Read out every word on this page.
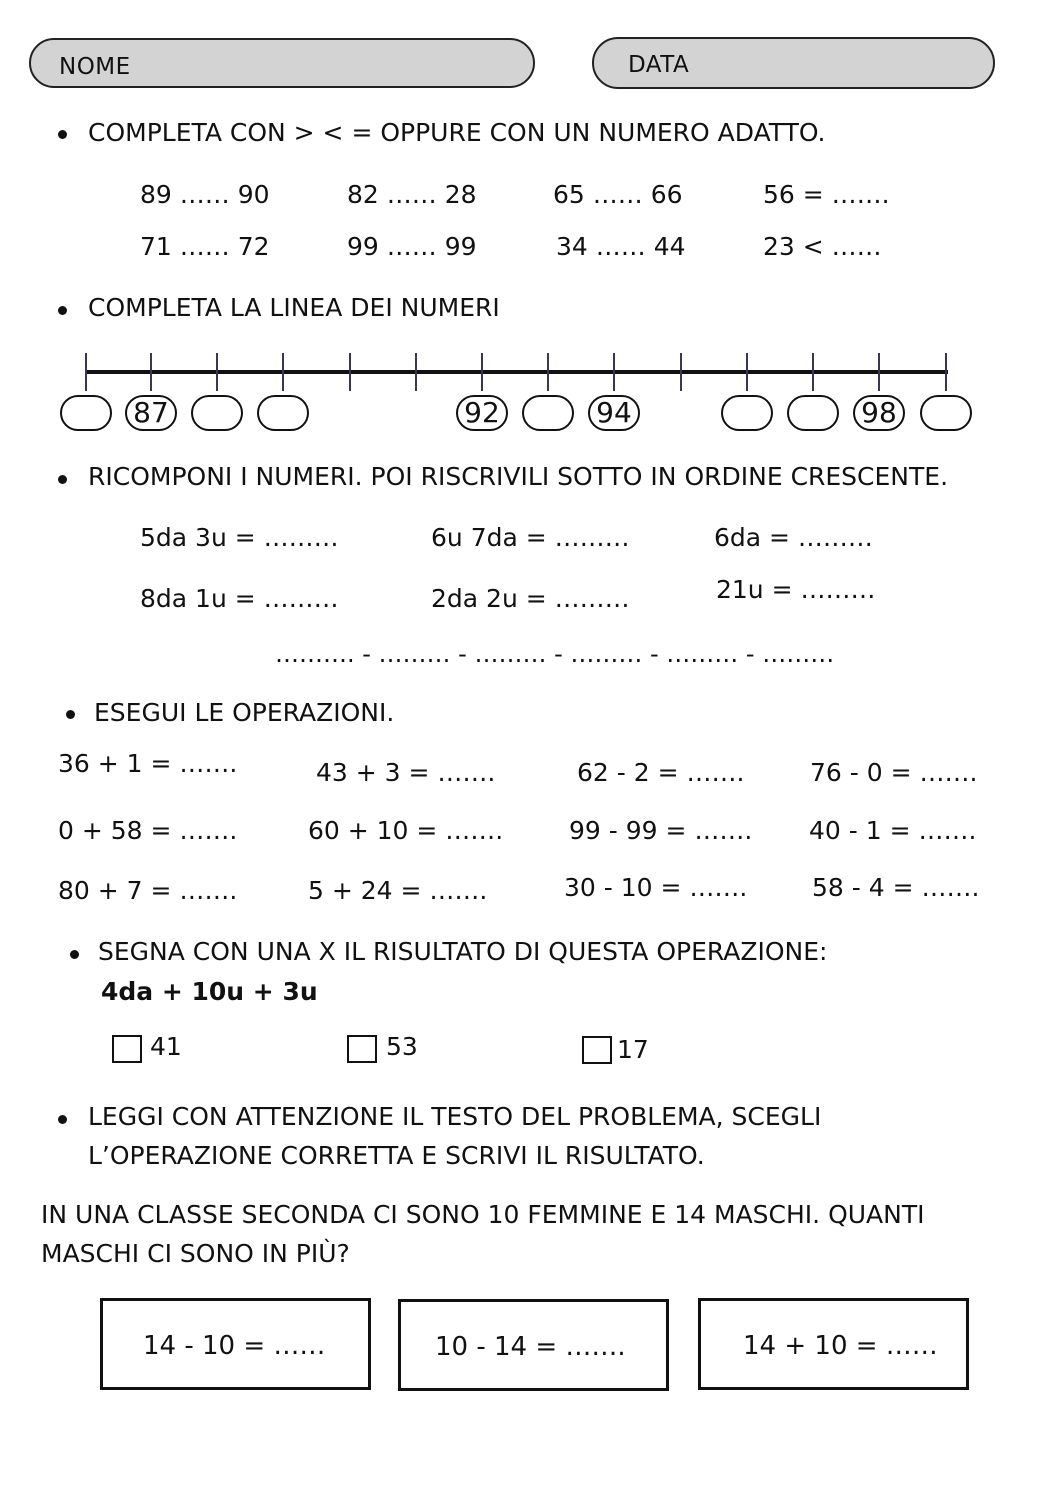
NOME	DATA
COMPLETA CON > < = OPPURE CON UN NUMERO ADATTO.
89 …… 90	82 …… 28	65 …… 66	56 = …….
71 …… 72	99 …… 99	34 …… 44	23 < ……
COMPLETA LA LINEA DEI NUMERI
87	92	94	98
RICOMPONI I NUMERI. POI RISCRIVILI SOTTO IN ORDINE CRESCENTE.
5da 3u = ………	6u 7da = ………	6da = ………
8da 1u = ………	2da 2u = ………	21u = ………
………. - ……… - ……… - ……… - ……… - ………
ESEGUI LE OPERAZIONI.
36 + 1 = …….	43 + 3 = …….	62 - 2 = …….	76 - 0 = …….
0 + 58 = …….	60 + 10 = …….	99 - 99 = ……. 40 - 1 = …….
80 + 7 = …….	5 + 24 = …….	30 - 10 = …….	58 - 4 = …….
SEGNA CON UNA X IL RISULTATO DI QUESTA OPERAZIONE:
4da + 10u + 3u
41	53	17
LEGGI CON ATTENZIONE IL TESTO DEL PROBLEMA, SCEGLI
L’OPERAZIONE CORRETTA E SCRIVI IL RISULTATO.
IN UNA CLASSE SECONDA CI SONO 10 FEMMINE E 14 MASCHI. QUANTI
MASCHI CI SONO IN PIÙ?
14 - 10 = ……	10 - 14 = …….	14 + 10 = ……
